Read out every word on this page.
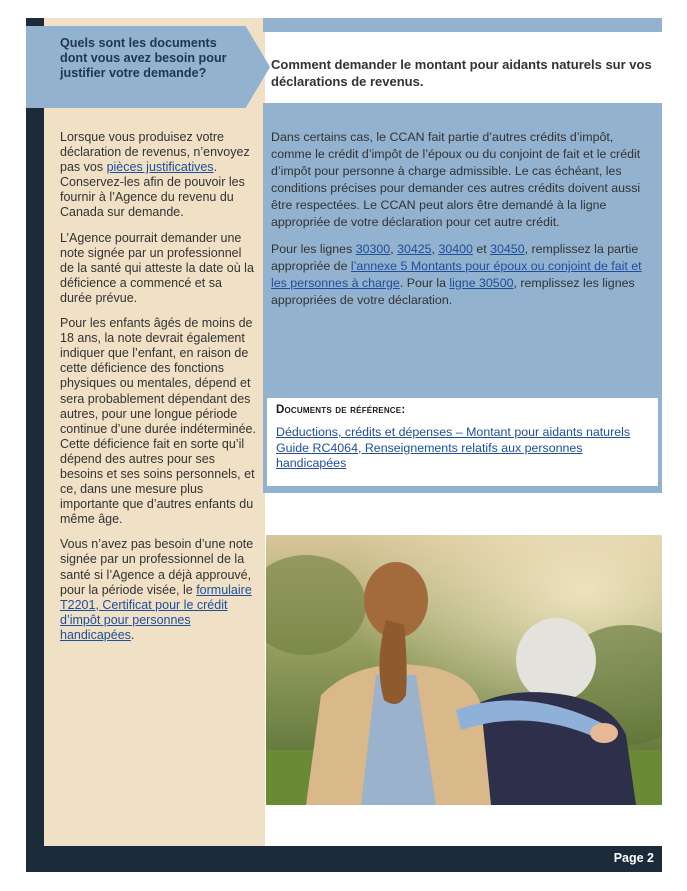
Quels sont les documents dont vous avez besoin pour justifier votre demande?

Lorsque vous produisez votre déclaration de revenus, n’envoyez pas vos pièces justificatives. Conservez-les afin de pouvoir les fournir à l’Agence du revenu du Canada sur demande.

L’Agence pourrait demander une note signée par un professionnel de la santé qui atteste la date où la déficience a commencé et sa durée prévue.

Pour les enfants âgés de moins de 18 ans, la note devrait également indiquer que l’enfant, en raison de cette déficience des fonctions physiques ou mentales, dépend et sera probablement dépendant des autres, pour une longue période continue d’une durée indéterminée. Cette déficience fait en sorte qu’il dépend des autres pour ses besoins et ses soins personnels, et ce, dans une mesure plus importante que d’autres enfants du même âge.

Vous n’avez pas besoin d’une note signée par un professionnel de la santé si l’Agence a déjà approuvé, pour la période visée, le formulaire T2201, Certificat pour le crédit d’impôt pour personnes handicapées.

Comment demander le montant pour aidants naturels sur vos déclarations de revenus.

Dans certains cas, le CCAN fait partie d’autres crédits d’impôt, comme le crédit d’impôt de l’époux ou du conjoint de fait et le crédit d’impôt pour personne à charge admissible. Le cas échéant, les conditions précises pour demander ces autres crédits doivent aussi être respectées. Le CCAN peut alors être demandé à la ligne appropriée de votre déclaration pour cet autre crédit.

Pour les lignes 30300, 30425, 30400 et 30450, remplissez la partie appropriée de l’annexe 5 Montants pour époux ou conjoint de fait et les personnes à charge. Pour la ligne 30500, remplissez les lignes appropriées de votre déclaration.

Documents de référence:
Déductions, crédits et dépenses – Montant pour aidants naturels
Guide RC4064, Renseignements relatifs aux personnes handicapées
Page 2
